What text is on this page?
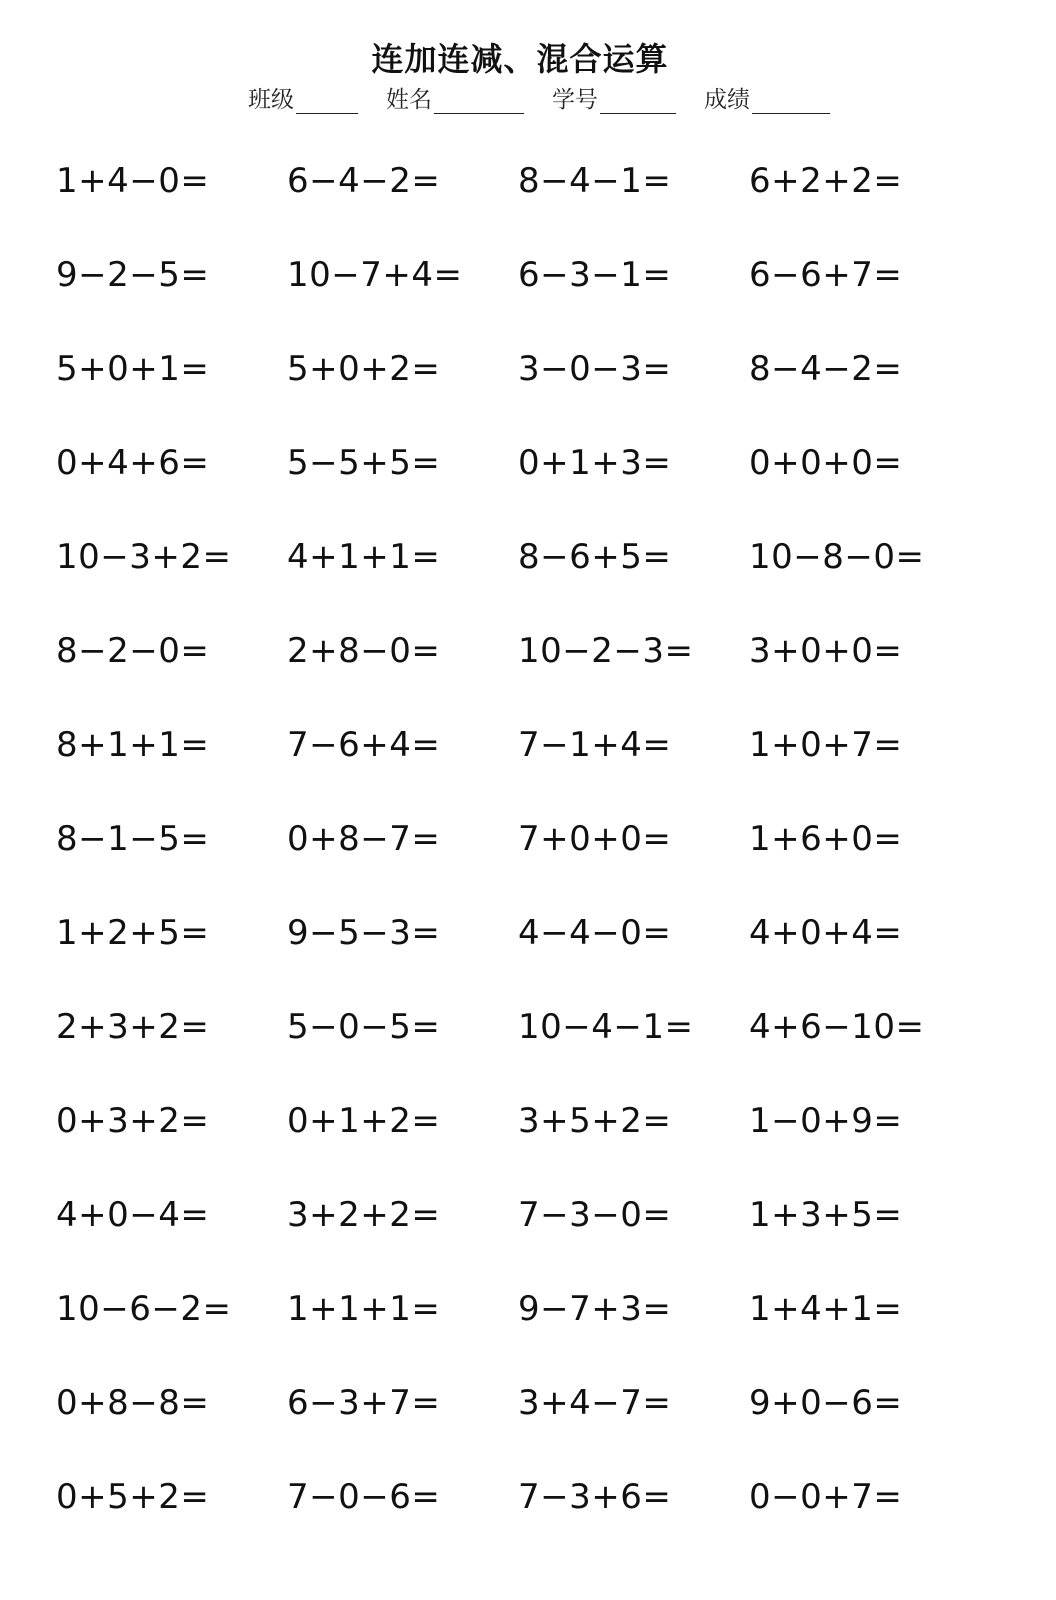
连加连减、混合运算
班级	姓名	学号	成绩
1+4−0=	6−4−2=	8−4−1=	6+2+2=
9−2−5=	10−7+4=	6−3−1=	6−6+7=
5+0+1=	5+0+2=	3−0−3=	8−4−2=
0+4+6=	5−5+5=	0+1+3=	0+0+0=
10−3+2=	4+1+1=	8−6+5=	10−8−0=
8−2−0=	2+8−0=	10−2−3=	3+0+0=
8+1+1=	7−6+4=	7−1+4=	1+0+7=
8−1−5=	0+8−7=	7+0+0=	1+6+0=
1+2+5=	9−5−3=	4−4−0=	4+0+4=
2+3+2=	5−0−5=	10−4−1=	4+6−10=
0+3+2=	0+1+2=	3+5+2=	1−0+9=
4+0−4=	3+2+2=	7−3−0=	1+3+5=
10−6−2=	1+1+1=	9−7+3=	1+4+1=
0+8−8=	6−3+7=	3+4−7=	9+0−6=
0+5+2=	7−0−6=	7−3+6=	0−0+7=
